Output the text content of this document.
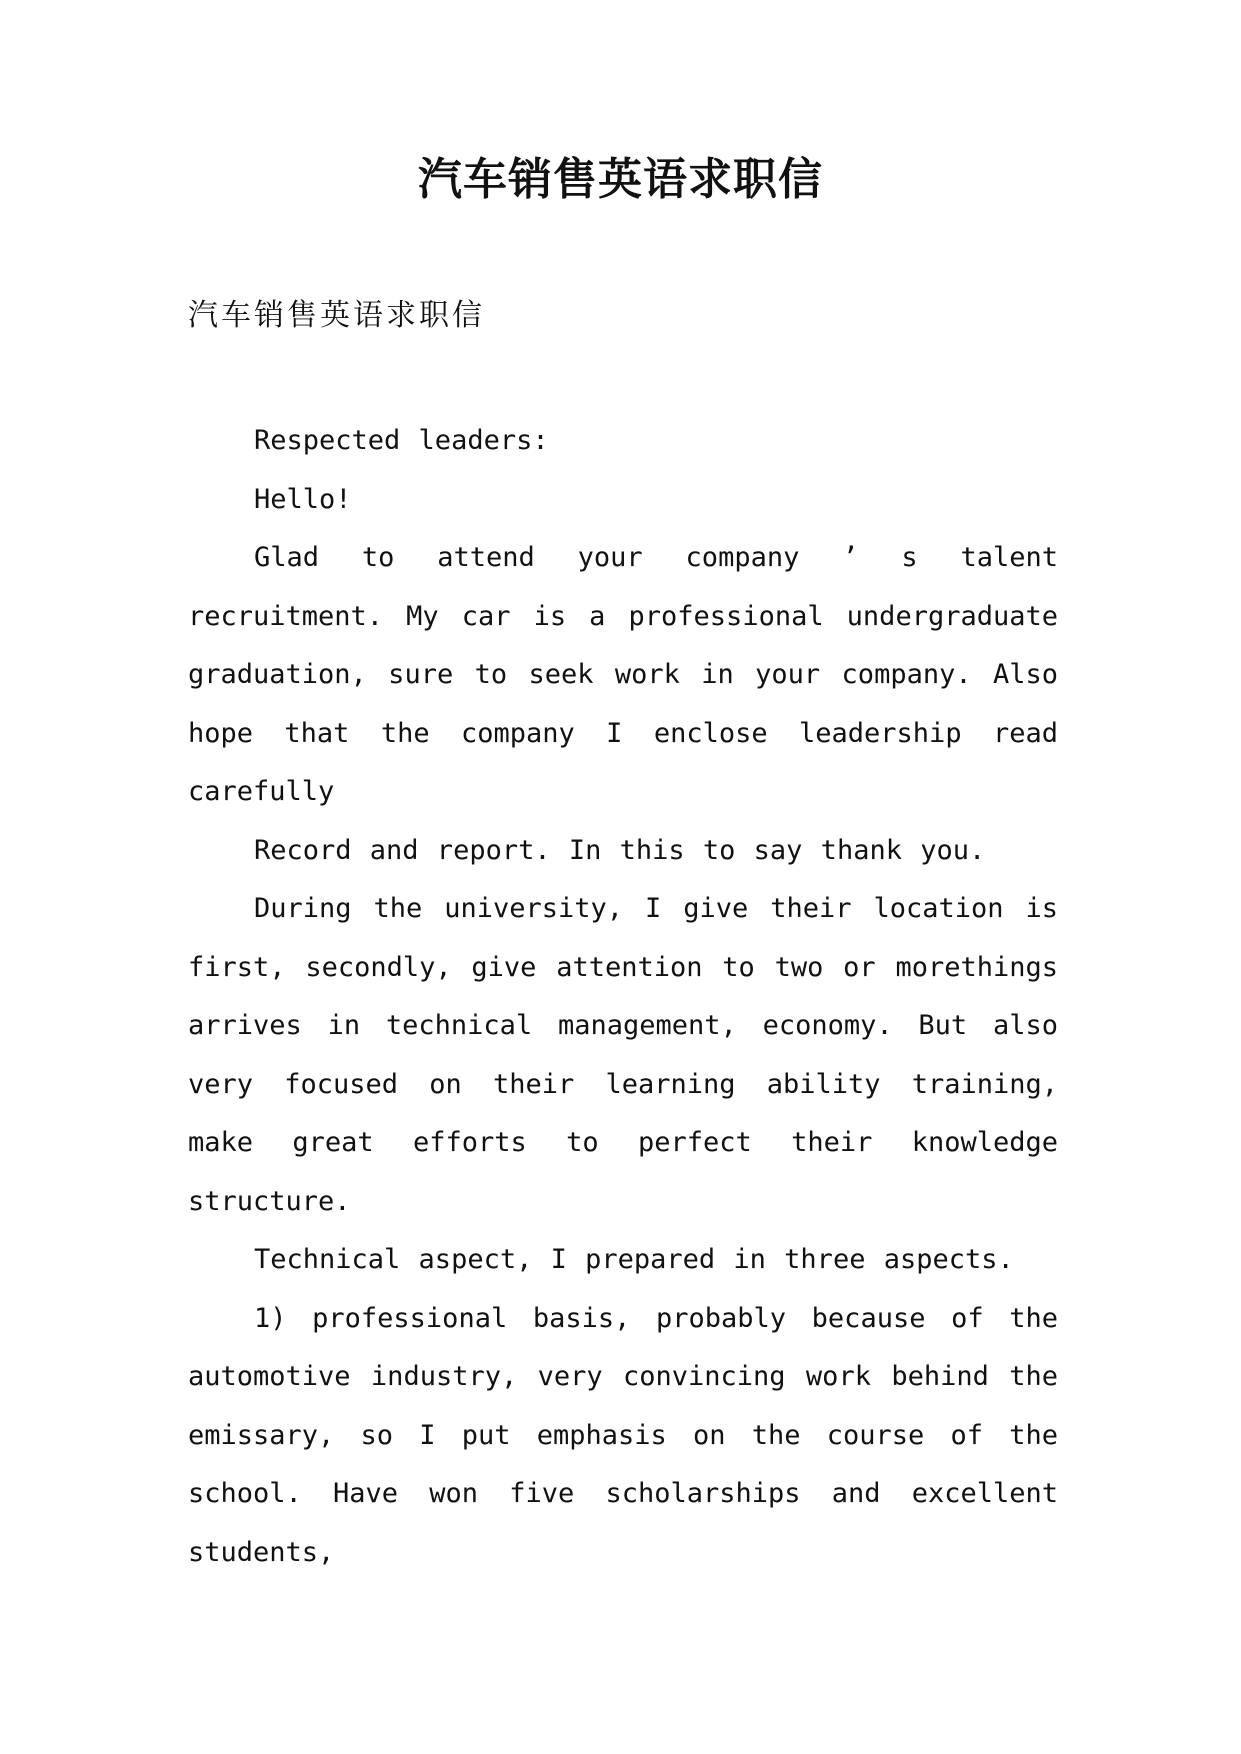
汽车销售英语求职信
汽车销售英语求职信

Respected leaders:

Hello!

Glad to attend your company ’ s talent recruitment. My car is a professional undergraduate graduation, sure to seek work in your company. Also hope that the company I enclose leadership read carefully

Record and report. In this to say thank you.

During the university, I give their location is first, secondly, give attention to two or morethings arrives in technical management, economy. But also very focused on their learning ability training, make great efforts to perfect their knowledge structure.

Technical aspect, I prepared in three aspects.

1) professional basis, probably because of the automotive industry, very convincing work behind the emissary, so I put emphasis on the course of the school. Have won five scholarships and excellent students,
